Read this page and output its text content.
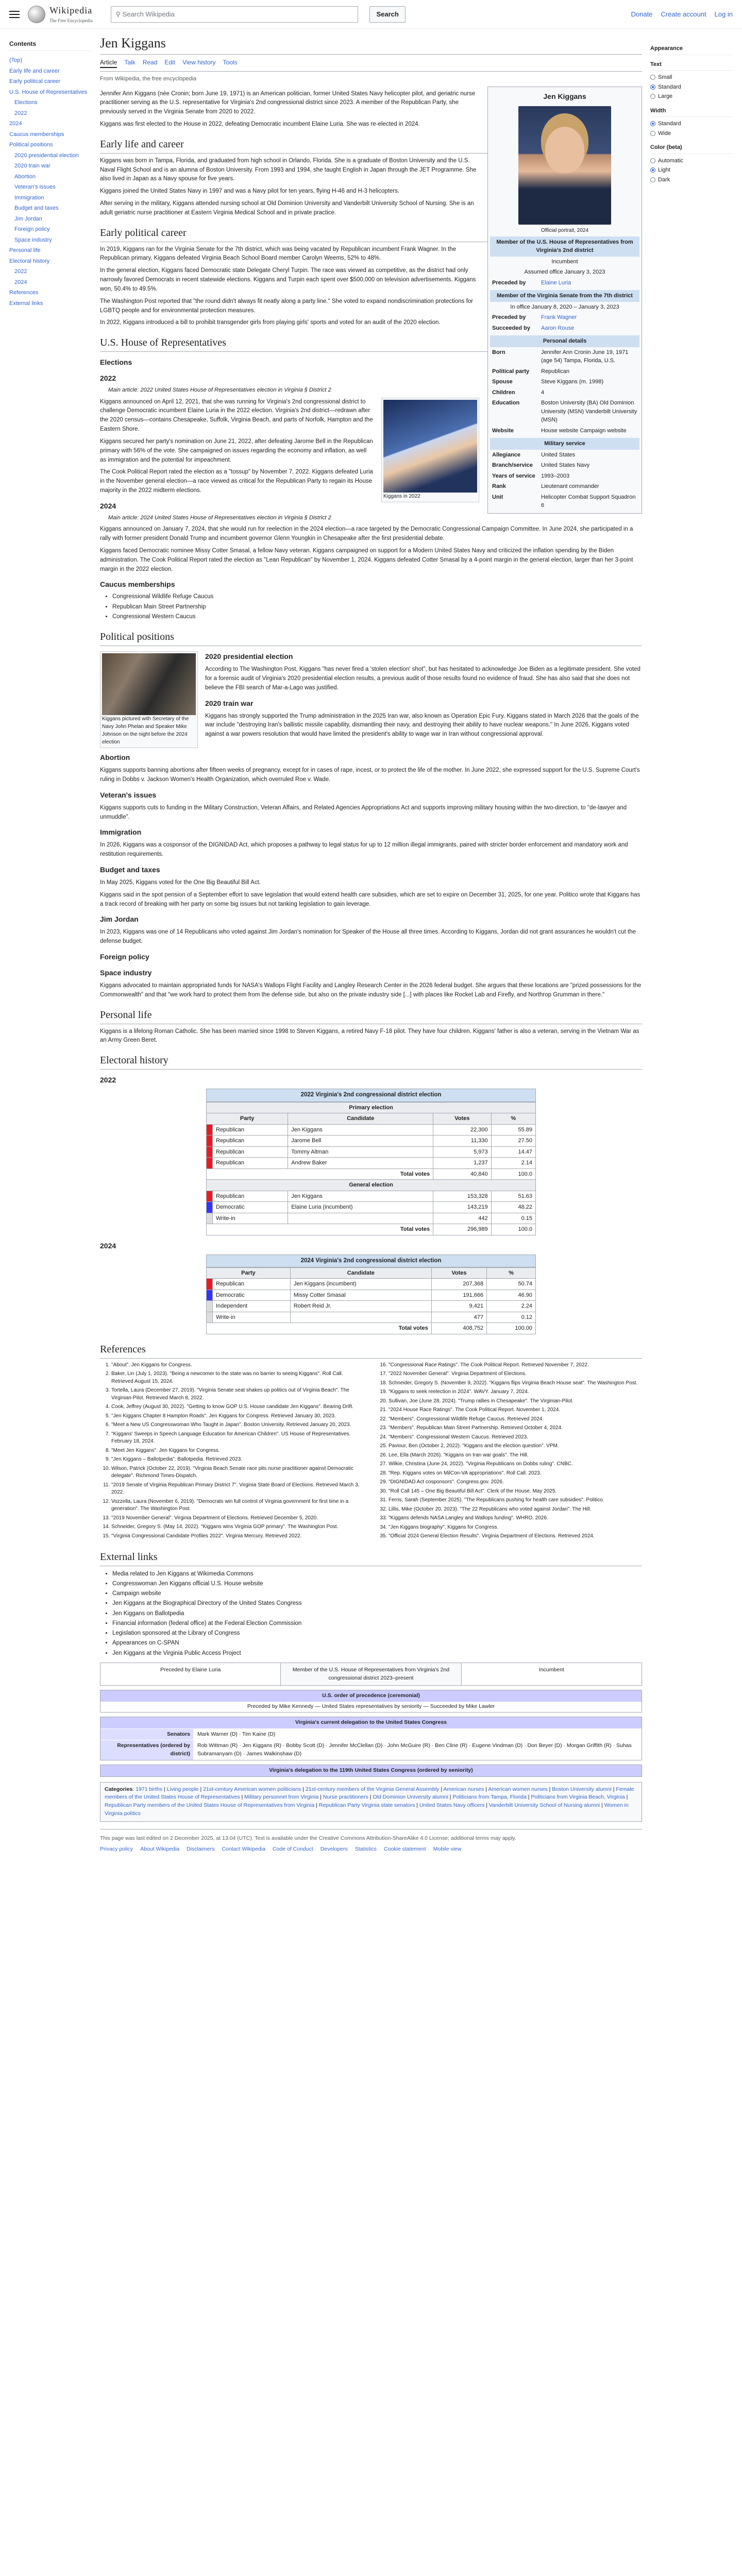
Wikipedia
The Free Encyclopedia
⚲ Search Wikipedia	Search	Donate Create account Log in
Contents
(Top)
Early life and career
Early political career
U.S. House of Representatives
Elections
2022
2024
Caucus memberships
Political positions
2020 presidential election
2020 train war
Abortion
Veteran's issues
Immigration
Budget and taxes
Jim Jordan
Foreign policy
Space industry
Personal life
Electoral history
2022
2024
References
External links
Jen Kiggans
Article Talk Read Edit View history Tools
From Wikipedia, the free encyclopedia
Jen Kiggans
Official portrait, 2024
Member of the U.S. House of Representatives from Virginia's 2nd district
Incumbent
Assumed office January 3, 2023
Preceded by	Elaine Luria
Member of the Virginia Senate from the 7th district
In office January 8, 2020 – January 3, 2023
Preceded by	Frank Wagner
Succeeded by	Aaron Rouse
Personal details
Born	Jennifer Ann Cronin June 19, 1971 (age 54) Tampa, Florida, U.S.
Political party	Republican
Spouse	Steve Kiggans (m. 1998)
Children	4
Education	Boston University (BA) Old Dominion University (MSN) Vanderbilt University (MSN)
Website	House website Campaign website
Military service
Allegiance	United States
Branch/service	United States Navy
Years of service	1993–2003
Rank	Lieutenant commander
Unit	Helicopter Combat Support Squadron 6

Jennifer Ann Kiggans (née Cronin; born June 19, 1971) is an American politician, former United States Navy helicopter pilot, and geriatric nurse practitioner serving as the U.S. representative for Virginia's 2nd congressional district since 2023. A member of the Republican Party, she previously served in the Virginia Senate from 2020 to 2022.

Kiggans was first elected to the House in 2022, defeating Democratic incumbent Elaine Luria. She was re-elected in 2024.

Early life and career

Kiggans was born in Tampa, Florida, and graduated from high school in Orlando, Florida. She is a graduate of Boston University and the U.S. Naval Flight School and is an alumna of Boston University. From 1993 and 1994, she taught English in Japan through the JET Programme. She also lived in Japan as a Navy spouse for five years.

Kiggans joined the United States Navy in 1997 and was a Navy pilot for ten years, flying H-46 and H-3 helicopters.

After serving in the military, Kiggans attended nursing school at Old Dominion University and Vanderbilt University School of Nursing. She is an adult geriatric nurse practitioner at Eastern Virginia Medical School and in private practice.

Early political career

In 2019, Kiggans ran for the Virginia Senate for the 7th district, which was being vacated by Republican incumbent Frank Wagner. In the Republican primary, Kiggans defeated Virginia Beach School Board member Carolyn Weems, 52% to 48%.

In the general election, Kiggans faced Democratic state Delegate Cheryl Turpin. The race was viewed as competitive, as the district had only narrowly favored Democrats in recent statewide elections. Kiggans and Turpin each spent over $500,000 on television advertisements. Kiggans won, 50.4% to 49.5%.

The Washington Post reported that "the round didn't always fit neatly along a party line." She voted to expand nondiscrimination protections for LGBTQ people and for environmental protection measures.

In 2022, Kiggans introduced a bill to prohibit transgender girls from playing girls' sports and voted for an audit of the 2020 election.

U.S. House of Representatives
Elections
2022
Main article: 2022 United States House of Representatives election in Virginia § District 2
Kiggans in 2022

Kiggans announced on April 12, 2021, that she was running for Virginia's 2nd congressional district to challenge Democratic incumbent Elaine Luria in the 2022 election. Virginia's 2nd district—redrawn after the 2020 census—contains Chesapeake, Suffolk, Virginia Beach, and parts of Norfolk, Hampton and the Eastern Shore.

Kiggans secured her party's nomination on June 21, 2022, after defeating Jarome Bell in the Republican primary with 56% of the vote. She campaigned on issues regarding the economy and inflation, as well as immigration and the potential for impeachment.

The Cook Political Report rated the election as a "tossup" by November 7, 2022. Kiggans defeated Luria in the November general election—a race viewed as critical for the Republican Party to regain its House majority in the 2022 midterm elections.

2024
Main article: 2024 United States House of Representatives election in Virginia § District 2

Kiggans announced on January 7, 2024, that she would run for reelection in the 2024 election—a race targeted by the Democratic Congressional Campaign Committee. In June 2024, she participated in a rally with former president Donald Trump and incumbent governor Glenn Youngkin in Chesapeake after the first presidential debate.

Kiggans faced Democratic nominee Missy Cotter Smasal, a fellow Navy veteran. Kiggans campaigned on support for a Modern United States Navy and criticized the inflation spending by the Biden administration. The Cook Political Report rated the election as "Lean Republican" by November 1, 2024. Kiggans defeated Cotter Smasal by a 4-point margin in the general election, larger than her 3-point margin in the 2022 election.

Caucus memberships
• Congressional Wildlife Refuge Caucus
• Republican Main Street Partnership
• Congressional Western Caucus
Political positions
Kiggans pictured with Secretary of the Navy John Phelan and Speaker Mike Johnson on the night before the 2024 election
2020 presidential election

According to The Washington Post, Kiggans "has never fired a 'stolen election' shot", but has hesitated to acknowledge Joe Biden as a legitimate president. She voted for a forensic audit of Virginia's 2020 presidential election results, a previous audit of those results found no evidence of fraud. She has also said that she does not believe the FBI search of Mar-a-Lago was justified.

2020 train war

Kiggans has strongly supported the Trump administration in the 2025 Iran war, also known as Operation Epic Fury. Kiggans stated in March 2026 that the goals of the war include "destroying Iran's ballistic missile capability, dismantling their navy, and destroying their ability to have nuclear weapons." In June 2026, Kiggans voted against a war powers resolution that would have limited the president's ability to wage war in Iran without congressional approval.

Abortion

Kiggans supports banning abortions after fifteen weeks of pregnancy, except for in cases of rape, incest, or to protect the life of the mother. In June 2022, she expressed support for the U.S. Supreme Court's ruling in Dobbs v. Jackson Women's Health Organization, which overruled Roe v. Wade.

Veteran's issues

Kiggans supports cuts to funding in the Military Construction, Veteran Affairs, and Related Agencies Appropriations Act and supports improving military housing within the two-direction, to "de-lawyer and unmuddle".

Immigration

In 2026, Kiggans was a cosponsor of the DIGNIDAD Act, which proposes a pathway to legal status for up to 12 million illegal immigrants, paired with stricter border enforcement and mandatory work and restitution requirements.

Budget and taxes

In May 2025, Kiggans voted for the One Big Beautiful Bill Act.

Kiggans said in the spot pension of a September effort to save legislation that would extend health care subsidies, which are set to expire on December 31, 2025, for one year. Politico wrote that Kiggans has a track record of breaking with her party on some big issues but not tanking legislation to gain leverage.

Jim Jordan

In 2023, Kiggans was one of 14 Republicans who voted against Jim Jordan's nomination for Speaker of the House all three times. According to Kiggans, Jordan did not grant assurances he wouldn't cut the defense budget.

Foreign policy
Space industry

Kiggans advocated to maintain appropriated funds for NASA's Wallops Flight Facility and Langley Research Center in the 2026 federal budget. She argues that these locations are "prized possessions for the Commonwealth" and that "we work hard to protect them from the defense side, but also on the private industry side [...] with places like Rocket Lab and Firefly, and Northrop Grumman in there."

Personal life

Kiggans is a lifelong Roman Catholic. She has been married since 1998 to Steven Kiggans, a retired Navy F-18 pilot. They have four children. Kiggans' father is also a veteran, serving in the Vietnam War as an Army Green Beret.

Electoral history
2022
2022 Virginia's 2nd congressional district election
Primary election				
Party		Candidate	Votes	%
	Republican	Jen Kiggans	22,300	55.89
	Republican	Jarome Bell	11,330	27.50
	Republican	Tommy Altman	5,973	14.47
	Republican	Andrew Baker	1,237	2.14
Total votes			40,840	100.0
General election				
	Republican	Jen Kiggans	153,328	51.63
	Democratic	Elaine Luria (incumbent)	143,219	48.22
	Write-in		442	0.15
Total votes			296,989	100.0
2024
2024 Virginia's 2nd congressional district election
Party		Candidate	Votes	%
	Republican	Jen Kiggans (incumbent)	207,368	50.74
	Democratic	Missy Cotter Smasal	191,666	46.90
	Independent	Robert Reid Jr.	9,421	2.24
	Write-in		477	0.12
Total votes			408,752	100.00
References
1. "About". Jen Kiggans for Congress.
2. Baker, Lin (July 1, 2023). "Being a newcomer to the state was no barrier to seeing Kiggans". Roll Call. Retrieved August 15, 2024.
3. Tortella, Laura (December 27, 2019). "Virginia Senate seat shakes up politics out of Virginia Beach". The Virginian-Pilot. Retrieved March 8, 2022.
4. Cook, Jeffrey (August 30, 2022). "Getting to know GOP U.S. House candidate Jen Kiggans". Bearing Drift.
5. "Jen Kiggans Chapter 8 Hampton Roads". Jen Kiggans for Congress. Retrieved January 30, 2023.
6. "Meet a New US Congresswoman Who Taught in Japan". Boston University. Retrieved January 20, 2023.
7. "Kiggans' Sweeps in Speech Language Education for American Children". US House of Representatives. February 18, 2024.
8. "Meet Jen Kiggans". Jen Kiggans for Congress.
9. "Jen Kiggans – Ballotpedia". Ballotpedia. Retrieved 2023.
10. Wilson, Patrick (October 22, 2019). "Virginia Beach Senate race pits nurse practitioner against Democratic delegate". Richmond Times-Dispatch.
11. "2019 Senate of Virginia Republican Primary District 7". Virginia State Board of Elections. Retrieved March 3, 2022.
12. Vozzella, Laura (November 6, 2019). "Democrats win full control of Virginia government for first time in a generation". The Washington Post.
13. "2019 November General". Virginia Department of Elections. Retrieved December 5, 2020.
14. Schneider, Gregory S. (May 14, 2022). "Kiggans wins Virginia GOP primary". The Washington Post.
15. "Virginia Congressional Candidate Profiles 2022". Virginia Mercury. Retrieved 2022.
16. "Congressional Race Ratings". The Cook Political Report. Retrieved November 7, 2022.
17. "2022 November General". Virginia Department of Elections.
18. Schneider, Gregory S. (November 9, 2022). "Kiggans flips Virginia Beach House seat". The Washington Post.
19. "Kiggans to seek reelection in 2024". WAVY. January 7, 2024.
20. Sullivan, Joe (June 28, 2024). "Trump rallies in Chesapeake". The Virginian-Pilot.
21. "2024 House Race Ratings". The Cook Political Report. November 1, 2024.
22. "Members". Congressional Wildlife Refuge Caucus. Retrieved 2024.
23. "Members". Republican Main Street Partnership. Retrieved October 4, 2024.
24. "Members". Congressional Western Caucus. Retrieved 2023.
25. Paviour, Ben (October 2, 2022). "Kiggans and the election question". VPM.
26. Lee, Ella (March 2026). "Kiggans on Iran war goals". The Hill.
27. Wilkie, Christina (June 24, 2022). "Virginia Republicans on Dobbs ruling". CNBC.
28. "Rep. Kiggans votes on MilCon-VA appropriations". Roll Call. 2023.
29. "DIGNIDAD Act cosponsors". Congress.gov. 2026.
30. "Roll Call 145 – One Big Beautiful Bill Act". Clerk of the House. May 2025.
31. Ferris, Sarah (September 2025). "The Republicans pushing for health care subsidies". Politico.
32. Lillis, Mike (October 20, 2023). "The 22 Republicans who voted against Jordan". The Hill.
33. "Kiggans defends NASA Langley and Wallops funding". WHRO. 2026.
34. "Jen Kiggans biography". Kiggans for Congress.
35. "Official 2024 General Election Results". Virginia Department of Elections. Retrieved 2024.
External links
• Media related to Jen Kiggans at Wikimedia Commons
• Congresswoman Jen Kiggans official U.S. House website
• Campaign website
• Jen Kiggans at the Biographical Directory of the United States Congress
• Jen Kiggans on Ballotpedia
• Financial information (federal office) at the Federal Election Commission
• Legislation sponsored at the Library of Congress
• Appearances on C-SPAN
• Jen Kiggans at the Virginia Public Access Project
Preceded by Elaine Luria	Member of the U.S. House of Representatives from Virginia's 2nd congressional district 2023–present
Incumbent
U.S. order of precedence (ceremonial)
Preceded by Mike Kennedy — United States representatives by seniority — Succeeded by Mike Lawler
Virginia's current delegation to the United States Congress
Senators	Mark Warner (D) · Tim Kaine (D)
Representatives (ordered by district)
Rob Wittman (R) · Jen Kiggans (R) · Bobby Scott (D) · Jennifer McClellan (D) · John McGuire (R) · Ben Cline (R) · Eugene Vindman (D) · Don Beyer (D) · Morgan Griffith (R) · Suhas Subramanyam (D) · James Walkinshaw (D)
Virginia's delegation to the 119th United States Congress (ordered by seniority)
Categories: 1971 births | Living people | 21st-century American women politicians | 21st-century members of the Virginia General Assembly | American nurses | American women nurses | Boston University alumni | Female members of the United States House of Representatives | Military personnel from Virginia | Nurse practitioners | Old Dominion University alumni | Politicians from Tampa, Florida | Politicians from Virginia Beach, Virginia | Republican Party members of the United States House of Representatives from Virginia | Republican Party Virginia state senators | United States Navy officers | Vanderbilt University School of Nursing alumni | Women in Virginia politics
This page was last edited on 2 December 2025, at 13:04 (UTC). Text is available under the Creative Commons Attribution-ShareAlike 4.0 License; additional terms may apply.
Privacy policy About Wikipedia Disclaimers Contact Wikipedia Code of Conduct Developers Statistics Cookie statement Mobile view
Appearance
Text
Small
Standard
Large
Width
Standard
Wide
Color (beta)
Automatic
Light
Dark
